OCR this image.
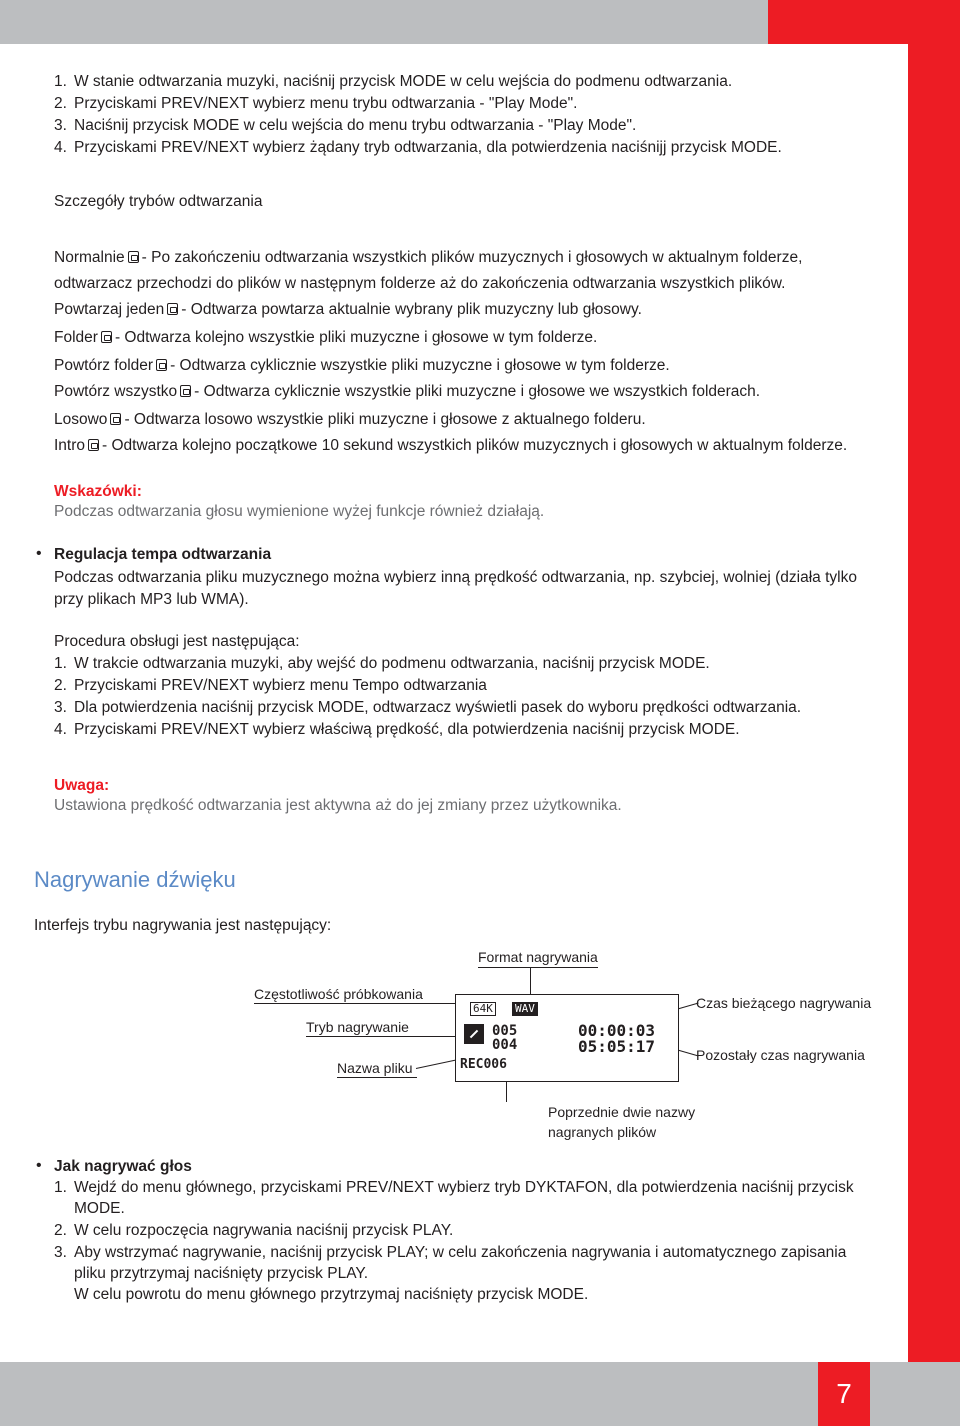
7
1. W stanie odtwarzania muzyki, naciśnij przycisk MODE w celu wejścia do podmenu odtwarzania.
2. Przyciskami PREV/NEXT wybierz menu trybu odtwarzania - "Play Mode".
3. Naciśnij przycisk MODE w celu wejścia do menu trybu odtwarzania - "Play Mode".
4. Przyciskami PREV/NEXT wybierz żądany tryb odtwarzania, dla potwierdzenia naciśnijj przycisk MODE.
Szczegóły trybów odtwarzania
Normalnie - Po zakończeniu odtwarzania wszystkich plików muzycznych i głosowych w aktualnym folderze,
odtwarzacz przechodzi do plików w następnym folderze aż do zakończenia odtwarzania wszystkich plików.
Powtarzaj jeden - Odtwarza powtarza aktualnie wybrany plik muzyczny lub głosowy.
Folder - Odtwarza kolejno wszystkie pliki muzyczne i głosowe w tym folderze.
Powtórz folder - Odtwarza cyklicznie wszystkie pliki muzyczne i głosowe w tym folderze.
Powtórz wszystko - Odtwarza cyklicznie wszystkie pliki muzyczne i głosowe we wszystkich folderach.
Losowo - Odtwarza losowo wszystkie pliki muzyczne i głosowe z aktualnego folderu.
Intro - Odtwarza kolejno początkowe 10 sekund wszystkich plików muzycznych i głosowych w aktualnym folderze.
Wskazówki:
Podczas odtwarzania głosu wymienione wyżej funkcje również działają.
• Regulacja tempa odtwarzania
Podczas odtwarzania pliku muzycznego można wybierz inną prędkość odtwarzania, np. szybciej, wolniej (działa tylko
przy plikach MP3 lub WMA).
Procedura obsługi jest następująca:
1. W trakcie odtwarzania muzyki, aby wejść do podmenu odtwarzania, naciśnij przycisk MODE.
2. Przyciskami PREV/NEXT wybierz menu Tempo odtwarzania
3. Dla potwierdzenia naciśnij przycisk MODE, odtwarzacz wyświetli pasek do wyboru prędkości odtwarzania.
4. Przyciskami PREV/NEXT wybierz właściwą prędkość, dla potwierdzenia naciśnij przycisk MODE.
Uwaga:
Ustawiona prędkość odtwarzania jest aktywna aż do jej zmiany przez użytkownika.
Nagrywanie dźwięku
Interfejs trybu nagrywania jest następujący:
Format nagrywania
Częstotliwość próbkowania
Tryb nagrywanie
Nazwa pliku
Czas bieżącego nagrywania
Pozostały czas nagrywania
Poprzednie dwie nazwy
nagranych plików
64K WAV
005
004
00:00:03
05:05:17
REC006
• Jak nagrywać głos
1. Wejdź do menu głównego, przyciskami PREV/NEXT wybierz tryb DYKTAFON, dla potwierdzenia naciśnij przycisk
MODE.
2. W celu rozpoczęcia nagrywania naciśnij przycisk PLAY.
3. Aby wstrzymać nagrywanie, naciśnij przycisk PLAY; w celu zakończenia nagrywania i automatycznego zapisania
pliku przytrzymaj naciśnięty przycisk PLAY.
W celu powrotu do menu głównego przytrzymaj naciśnięty przycisk MODE.
